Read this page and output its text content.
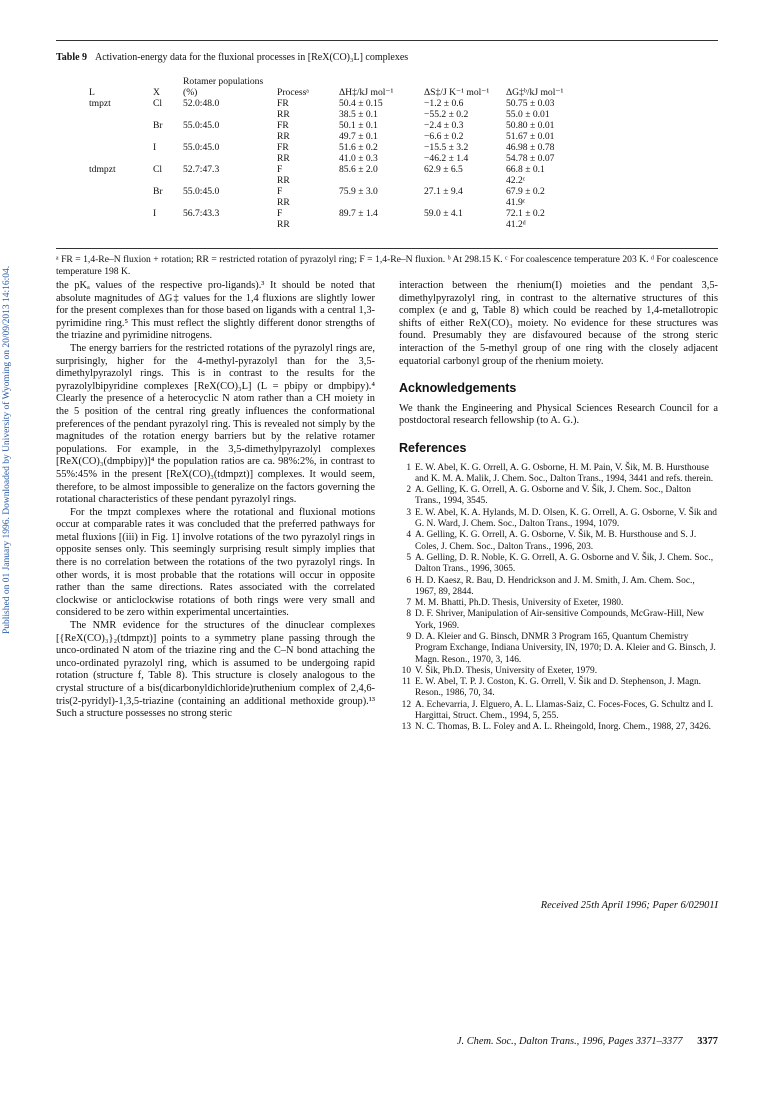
Published on 01 January 1996. Downloaded by University of Wyoming on 20/09/2013 14:16:04.
Table 9 Activation-energy data for the fluxional processes in [ReX(CO)₃L] complexes
L	X	Rotamer populations (%)	Processᵃ	ΔH‡/kJ mol⁻¹	ΔS‡/J K⁻¹ mol⁻¹	ΔG‡ᵇ/kJ mol⁻¹
tmpzt	Cl	52.0:48.0	FR	50.4 ± 0.15	−1.2 ± 0.6	50.75 ± 0.03
			RR	38.5 ± 0.1	−55.2 ± 0.2	55.0 ± 0.01
	Br	55.0:45.0	FR	50.1 ± 0.1	−2.4 ± 0.3	50.80 ± 0.01
			RR	49.7 ± 0.1	−6.6 ± 0.2	51.67 ± 0.01
	I	55.0:45.0	FR	51.6 ± 0.2	−15.5 ± 3.2	46.98 ± 0.78
			RR	41.0 ± 0.3	−46.2 ± 1.4	54.78 ± 0.07
tdmpzt	Cl	52.7:47.3	F	85.6 ± 2.0	62.9 ± 6.5	66.8 ± 0.1
			RR			42.2ᶜ
	Br	55.0:45.0	F	75.9 ± 3.0	27.1 ± 9.4	67.9 ± 0.2
			RR			41.9ᶜ
	I	56.7:43.3	F	89.7 ± 1.4	59.0 ± 4.1	72.1 ± 0.2
			RR			41.2ᵈ
ᵃ FR = 1,4-Re–N fluxion + rotation; RR = restricted rotation of pyrazolyl ring; F = 1,4-Re–N fluxion. ᵇ At 298.15 K. ᶜ For coalescence temperature 203 K. ᵈ For coalescence temperature 198 K.

the pKₐ values of the respective pro-ligands).³ It should be noted that absolute magnitudes of ΔG‡ values for the 1,4 fluxions are slightly lower for the present complexes than for those based on ligands with a central 1,3-pyrimidine ring.⁵ This must reflect the slightly different donor strengths of the triazine and pyrimidine nitrogens.

The energy barriers for the restricted rotations of the pyrazolyl rings are, surprisingly, higher for the 4-methyl-pyrazolyl than for the 3,5-dimethylpyrazolyl rings. This is in contrast to the results for the pyrazolylbipyridine complexes [ReX(CO)₃L] (L = pbipy or dmpbipy).⁴ Clearly the presence of a heterocyclic N atom rather than a CH moiety in the 5 position of the central ring greatly influences the conformational preferences of the pendant pyrazolyl ring. This is revealed not simply by the magnitudes of the rotation energy barriers but by the relative rotamer populations. For example, in the 3,5-dimethylpyrazolyl complexes [ReX(CO)₃(dmpbipy)]⁴ the population ratios are ca. 98%:2%, in contrast to 55%:45% in the present [ReX(CO)₃(tdmpzt)] complexes. It would seem, therefore, to be almost impossible to generalize on the factors governing the rotational characteristics of these pendant pyrazolyl rings.

For the tmpzt complexes where the rotational and fluxional motions occur at comparable rates it was concluded that the preferred pathways for metal fluxions [(iii) in Fig. 1] involve rotations of the two pyrazolyl rings in opposite senses only. This seemingly surprising result simply implies that there is no correlation between the rotations of the two pyrazolyl rings. In other words, it is most probable that the rotations will occur in opposite rather than the same directions. Rates associated with the correlated clockwise or anticlockwise rotations of both rings were very small and considered to be zero within experimental uncertainties.

The NMR evidence for the structures of the dinuclear complexes [{ReX(CO)₃}₂(tdmpzt)] points to a symmetry plane passing through the unco-ordinated N atom of the triazine ring and the C–N bond attaching the unco-ordinated pyrazolyl ring, which is assumed to be undergoing rapid rotation (structure f, Table 8). This structure is closely analogous to the crystal structure of a bis(dicarbonyldichloride)ruthenium complex of 2,4,6-tris(2-pyridyl)-1,3,5-triazine (containing an additional methoxide group).¹³ Such a structure possesses no strong steric

interaction between the rhenium(I) moieties and the pendant 3,5-dimethylpyrazolyl ring, in contrast to the alternative structures of this complex (e and g, Table 8) which could be reached by 1,4-metallotropic shifts of either ReX(CO)₃ moiety. No evidence for these structures was found. Presumably they are disfavoured because of the strong steric interaction of the 5-methyl group of one ring with the closely adjacent equatorial carbonyl group of the rhenium moiety.

Acknowledgements

We thank the Engineering and Physical Sciences Research Council for a postdoctoral research fellowship (to A. G.).

References
1 E. W. Abel, K. G. Orrell, A. G. Osborne, H. M. Pain, V. Šik, M. B. Hursthouse and K. M. A. Malik, J. Chem. Soc., Dalton Trans., 1994, 3441 and refs. therein.
2 A. Gelling, K. G. Orrell, A. G. Osborne and V. Šik, J. Chem. Soc., Dalton Trans., 1994, 3545.
3 E. W. Abel, K. A. Hylands, M. D. Olsen, K. G. Orrell, A. G. Osborne, V. Šik and G. N. Ward, J. Chem. Soc., Dalton Trans., 1994, 1079.
4 A. Gelling, K. G. Orrell, A. G. Osborne, V. Šik, M. B. Hursthouse and S. J. Coles, J. Chem. Soc., Dalton Trans., 1996, 203.
5 A. Gelling, D. R. Noble, K. G. Orrell, A. G. Osborne and V. Šik, J. Chem. Soc., Dalton Trans., 1996, 3065.
6 H. D. Kaesz, R. Bau, D. Hendrickson and J. M. Smith, J. Am. Chem. Soc., 1967, 89, 2844.
7 M. M. Bhatti, Ph.D. Thesis, University of Exeter, 1980.
8 D. F. Shriver, Manipulation of Air-sensitive Compounds, McGraw-Hill, New York, 1969.
9 D. A. Kleier and G. Binsch, DNMR 3 Program 165, Quantum Chemistry Program Exchange, Indiana University, IN, 1970; D. A. Kleier and G. Binsch, J. Magn. Reson., 1970, 3, 146.
10 V. Šik, Ph.D. Thesis, University of Exeter, 1979.
11 E. W. Abel, T. P. J. Coston, K. G. Orrell, V. Šik and D. Stephenson, J. Magn. Reson., 1986, 70, 34.
12 A. Echevarria, J. Elguero, A. L. Llamas-Saiz, C. Foces-Foces, G. Schultz and I. Hargittai, Struct. Chem., 1994, 5, 255.
13 N. C. Thomas, B. L. Foley and A. L. Rheingold, Inorg. Chem., 1988, 27, 3426.
Received 25th April 1996; Paper 6/02901I
J. Chem. Soc., Dalton Trans., 1996, Pages 3371–3377 3377
